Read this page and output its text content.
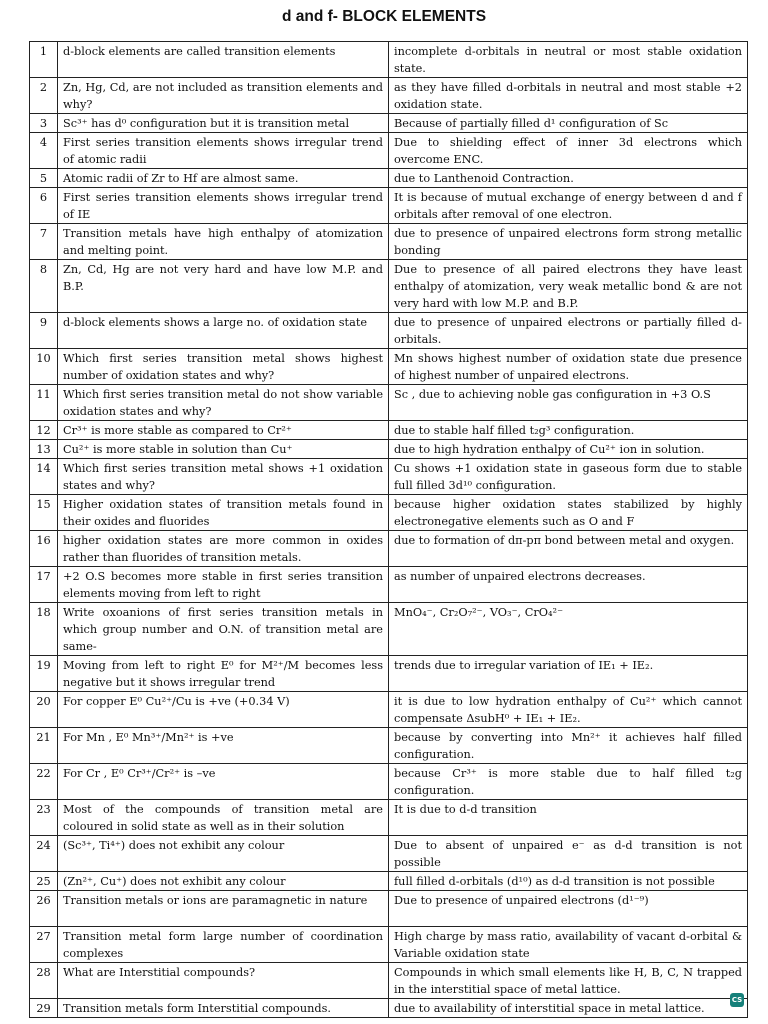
d and f- BLOCK ELEMENTS
1	d-block elements are called transition elements	incomplete d-orbitals in neutral or most stable oxidation state.
2	Zn, Hg, Cd, are not included as transition elements and why?	as they have filled d-orbitals in neutral and most stable +2 oxidation state.
3	Sc³⁺ has d⁰ configuration but it is transition metal	Because of partially filled d¹ configuration of Sc
4	First series transition elements shows irregular trend of atomic radii	Due to shielding effect of inner 3d electrons which overcome ENC.
5	Atomic radii of Zr to Hf are almost same.	due to Lanthenoid Contraction.
6	First series transition elements shows irregular trend of IE	It is because of mutual exchange of energy between d and f orbitals after removal of one electron.
7	Transition metals have high enthalpy of atomization and melting point.	due to presence of unpaired electrons form strong metallic bonding
8	Zn, Cd, Hg are not very hard and have low M.P. and B.P.	Due to presence of all paired electrons they have least enthalpy of atomization, very weak metallic bond & are not very hard with low M.P. and B.P.
9	d-block elements shows a large no. of oxidation state	due to presence of unpaired electrons or partially filled d-orbitals.
10	Which first series transition metal shows highest number of oxidation states and why?	Mn shows highest number of oxidation state due presence of highest number of unpaired electrons.
11	Which first series transition metal do not show variable oxidation states and why?	Sc , due to achieving noble gas configuration in +3 O.S
12	Cr³⁺ is more stable as compared to Cr²⁺	due to stable half filled t₂g³ configuration.
13	Cu²⁺ is more stable in solution than Cu⁺	due to high hydration enthalpy of Cu²⁺ ion in solution.
14	Which first series transition metal shows +1 oxidation states and why?	Cu shows +1 oxidation state in gaseous form due to stable full filled 3d¹⁰ configuration.
15	Higher oxidation states of transition metals found in their oxides and fluorides	because higher oxidation states stabilized by highly electronegative elements such as O and F
16	higher oxidation states are more common in oxides rather than fluorides of transition metals.	due to formation of dπ-pπ bond between metal and oxygen.
17	+2 O.S becomes more stable in first series transition elements moving from left to right	as number of unpaired electrons decreases.
18	Write oxoanions of first series transition metals in which group number and O.N. of transition metal are same-	MnO₄⁻, Cr₂O₇²⁻, VO₃⁻, CrO₄²⁻
19	Moving from left to right E⁰ for M²⁺/M becomes less negative but it shows irregular trend	trends due to irregular variation of IE₁ + IE₂.
20	For copper E⁰ Cu²⁺/Cu is +ve (+0.34 V)	it is due to low hydration enthalpy of Cu²⁺ which cannot compensate ΔsubH⁰ + IE₁ + IE₂.
21	For Mn , E⁰ Mn³⁺/Mn²⁺ is +ve	because by converting into Mn²⁺ it achieves half filled configuration.
22	For Cr , E⁰ Cr³⁺/Cr²⁺ is –ve	because Cr³⁺ is more stable due to half filled t₂g configuration.
23	Most of the compounds of transition metal are coloured in solid state as well as in their solution	It is due to d-d transition
24	(Sc³⁺, Ti⁴⁺) does not exhibit any colour	Due to absent of unpaired e⁻ as d-d transition is not possible
25	(Zn²⁺, Cu⁺) does not exhibit any colour	full filled d-orbitals (d¹⁰) as d-d transition is not possible
26	Transition metals or ions are paramagnetic in nature	Due to presence of unpaired electrons (d¹⁻⁹)
27	Transition metal form large number of coordination complexes	High charge by mass ratio, availability of vacant d-orbital & Variable oxidation state
28	What are Interstitial compounds?	Compounds in which small elements like H, B, C, N trapped in the interstitial space of metal lattice.
29	Transition metals form Interstitial compounds.	due to availability of interstitial space in metal lattice.
CS
